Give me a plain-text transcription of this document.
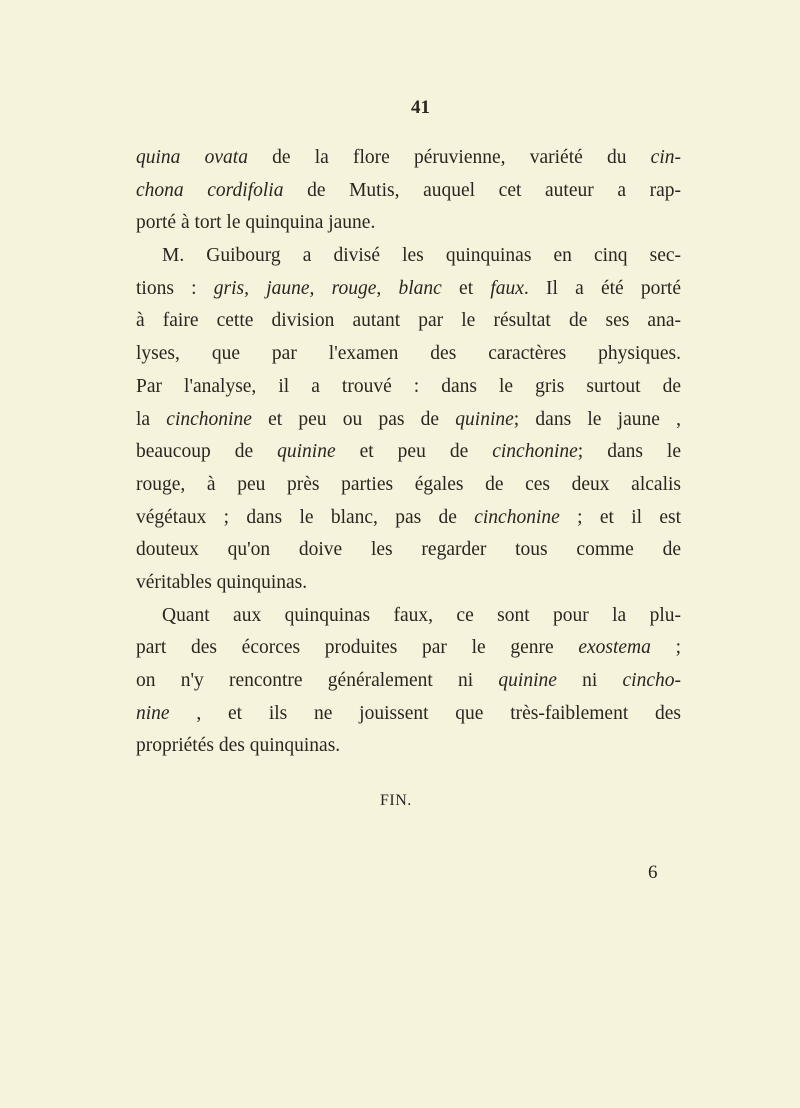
41
quina ovata de la flore péruvienne, variété du cin-
chona cordifolia de Mutis, auquel cet auteur a rap-
porté à tort le quinquina jaune.
M. Guibourg a divisé les quinquinas en cinq sec-
tions : gris, jaune, rouge, blanc et faux. Il a été porté
à faire cette division autant par le résultat de ses ana-
lyses, que par l'examen des caractères physiques.
Par l'analyse, il a trouvé : dans le gris surtout de
la cinchonine et peu ou pas de quinine; dans le jaune ,
beaucoup de quinine et peu de cinchonine; dans le
rouge, à peu près parties égales de ces deux alcalis
végétaux ; dans le blanc, pas de cinchonine ; et il est
douteux qu'on doive les regarder tous comme de
véritables quinquinas.
Quant aux quinquinas faux, ce sont pour la plu-
part des écorces produites par le genre exostema ;
on n'y rencontre généralement ni quinine ni cincho-
nine , et ils ne jouissent que très-faiblement des
propriétés des quinquinas.
FIN.
6
